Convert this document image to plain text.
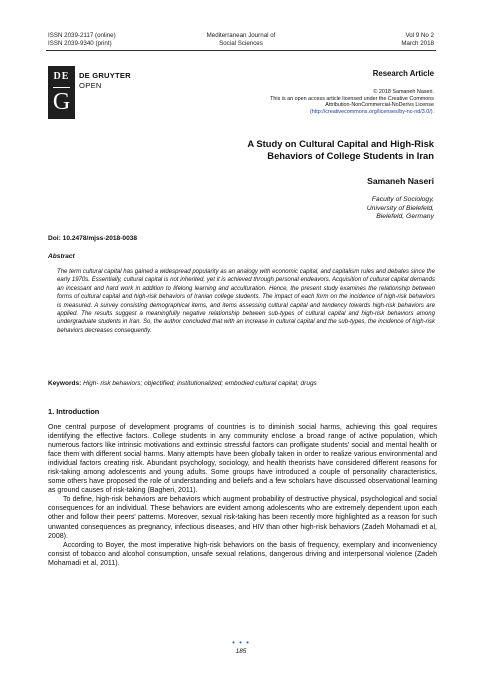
ISSN 2039-2117 (online)
ISSN 2039-9340 (print)
Mediterranean Journal of
Social Sciences
Vol 9 No 2
March 2018
DE
G
DE GRUYTER
OPEN
Research Article
© 2018 Samaneh Naseri.
This is an open access article licensed under the Creative Commons
Attribution-NonCommercial-NoDerivs License
(http://creativecommons.org/licenses/by-nc-nd/3.0/).
A Study on Cultural Capital and High-Risk
Behaviors of College Students in Iran
Samaneh Naseri
Faculty of Sociology,
University of Bielefeld,
Bielefeld, Germany
Doi: 10.2478/mjss-2018-0038
Abstract
The term cultural capital has gained a widespread popularity as an analogy with economic capital, and capitalism rules and debates since the early 1970s. Essentially, cultural capital is not inherited, yet it is achieved through personal endeavors. Acquisition of cultural capital demands an incessant and hard work in addition to lifelong learning and acculturation. Hence, the present study examines the relationship between forms of cultural capital and high-risk behaviors of Iranian college students. The impact of each form on the incidence of high-risk behaviors is measured. A survey consisting demographical items, and items assessing cultural capital and tendency towards high-risk behaviors are applied. The results suggest a meaningfully negative relationship between sub-types of cultural capital and high-risk behaviors among undergraduate students in Iran. So, the author concluded that with an increase in cultural capital and the sub-types, the incidence of high-risk behaviors decreases consequently.
Keywords: High- risk behaviors; objectified; institutionalized; embodied cultural capital; drugs
1. Introduction

One central purpose of development programs of countries is to diminish social harms, achieving this goal requires identifying the effective factors. College students in any community enclose a broad range of active population, which numerous factors like intrinsic motivations and extrinsic stressful factors can profligate students' social and mental health or face them with different social harms. Many attempts have been globally taken in order to realize various environmental and individual factors creating risk. Abundant psychology, sociology, and health theorists have considered different reasons for risk-taking among adolescents and young adults. Some groups have introduced a couple of personality characteristics, some others have proposed the role of understanding and beliefs and a few scholars have discussed observational learning as ground causes of risk-taking (Bagheri, 2011).

To define, high-risk behaviors are behaviors which augment probability of destructive physical, psychological and social consequences for an individual. These behaviors are evident among adolescents who are extremely dependent upon each other and follow their peers' patterns. Moreover, sexual risk-taking has been recently more highlighted as a reason for such unwanted consequences as pregnancy, infectious diseases, and HIV than other high-risk behaviors (Zadeh Mohamadi et al, 2008).

According to Boyer, the most imperative high-risk behaviors on the basis of frequency, exemplary and inconveniency consist of tobacco and alcohol consumption, unsafe sexual relations, dangerous driving and interpersonal violence (Zadeh Mohamadi et al, 2011).

• • •
185
